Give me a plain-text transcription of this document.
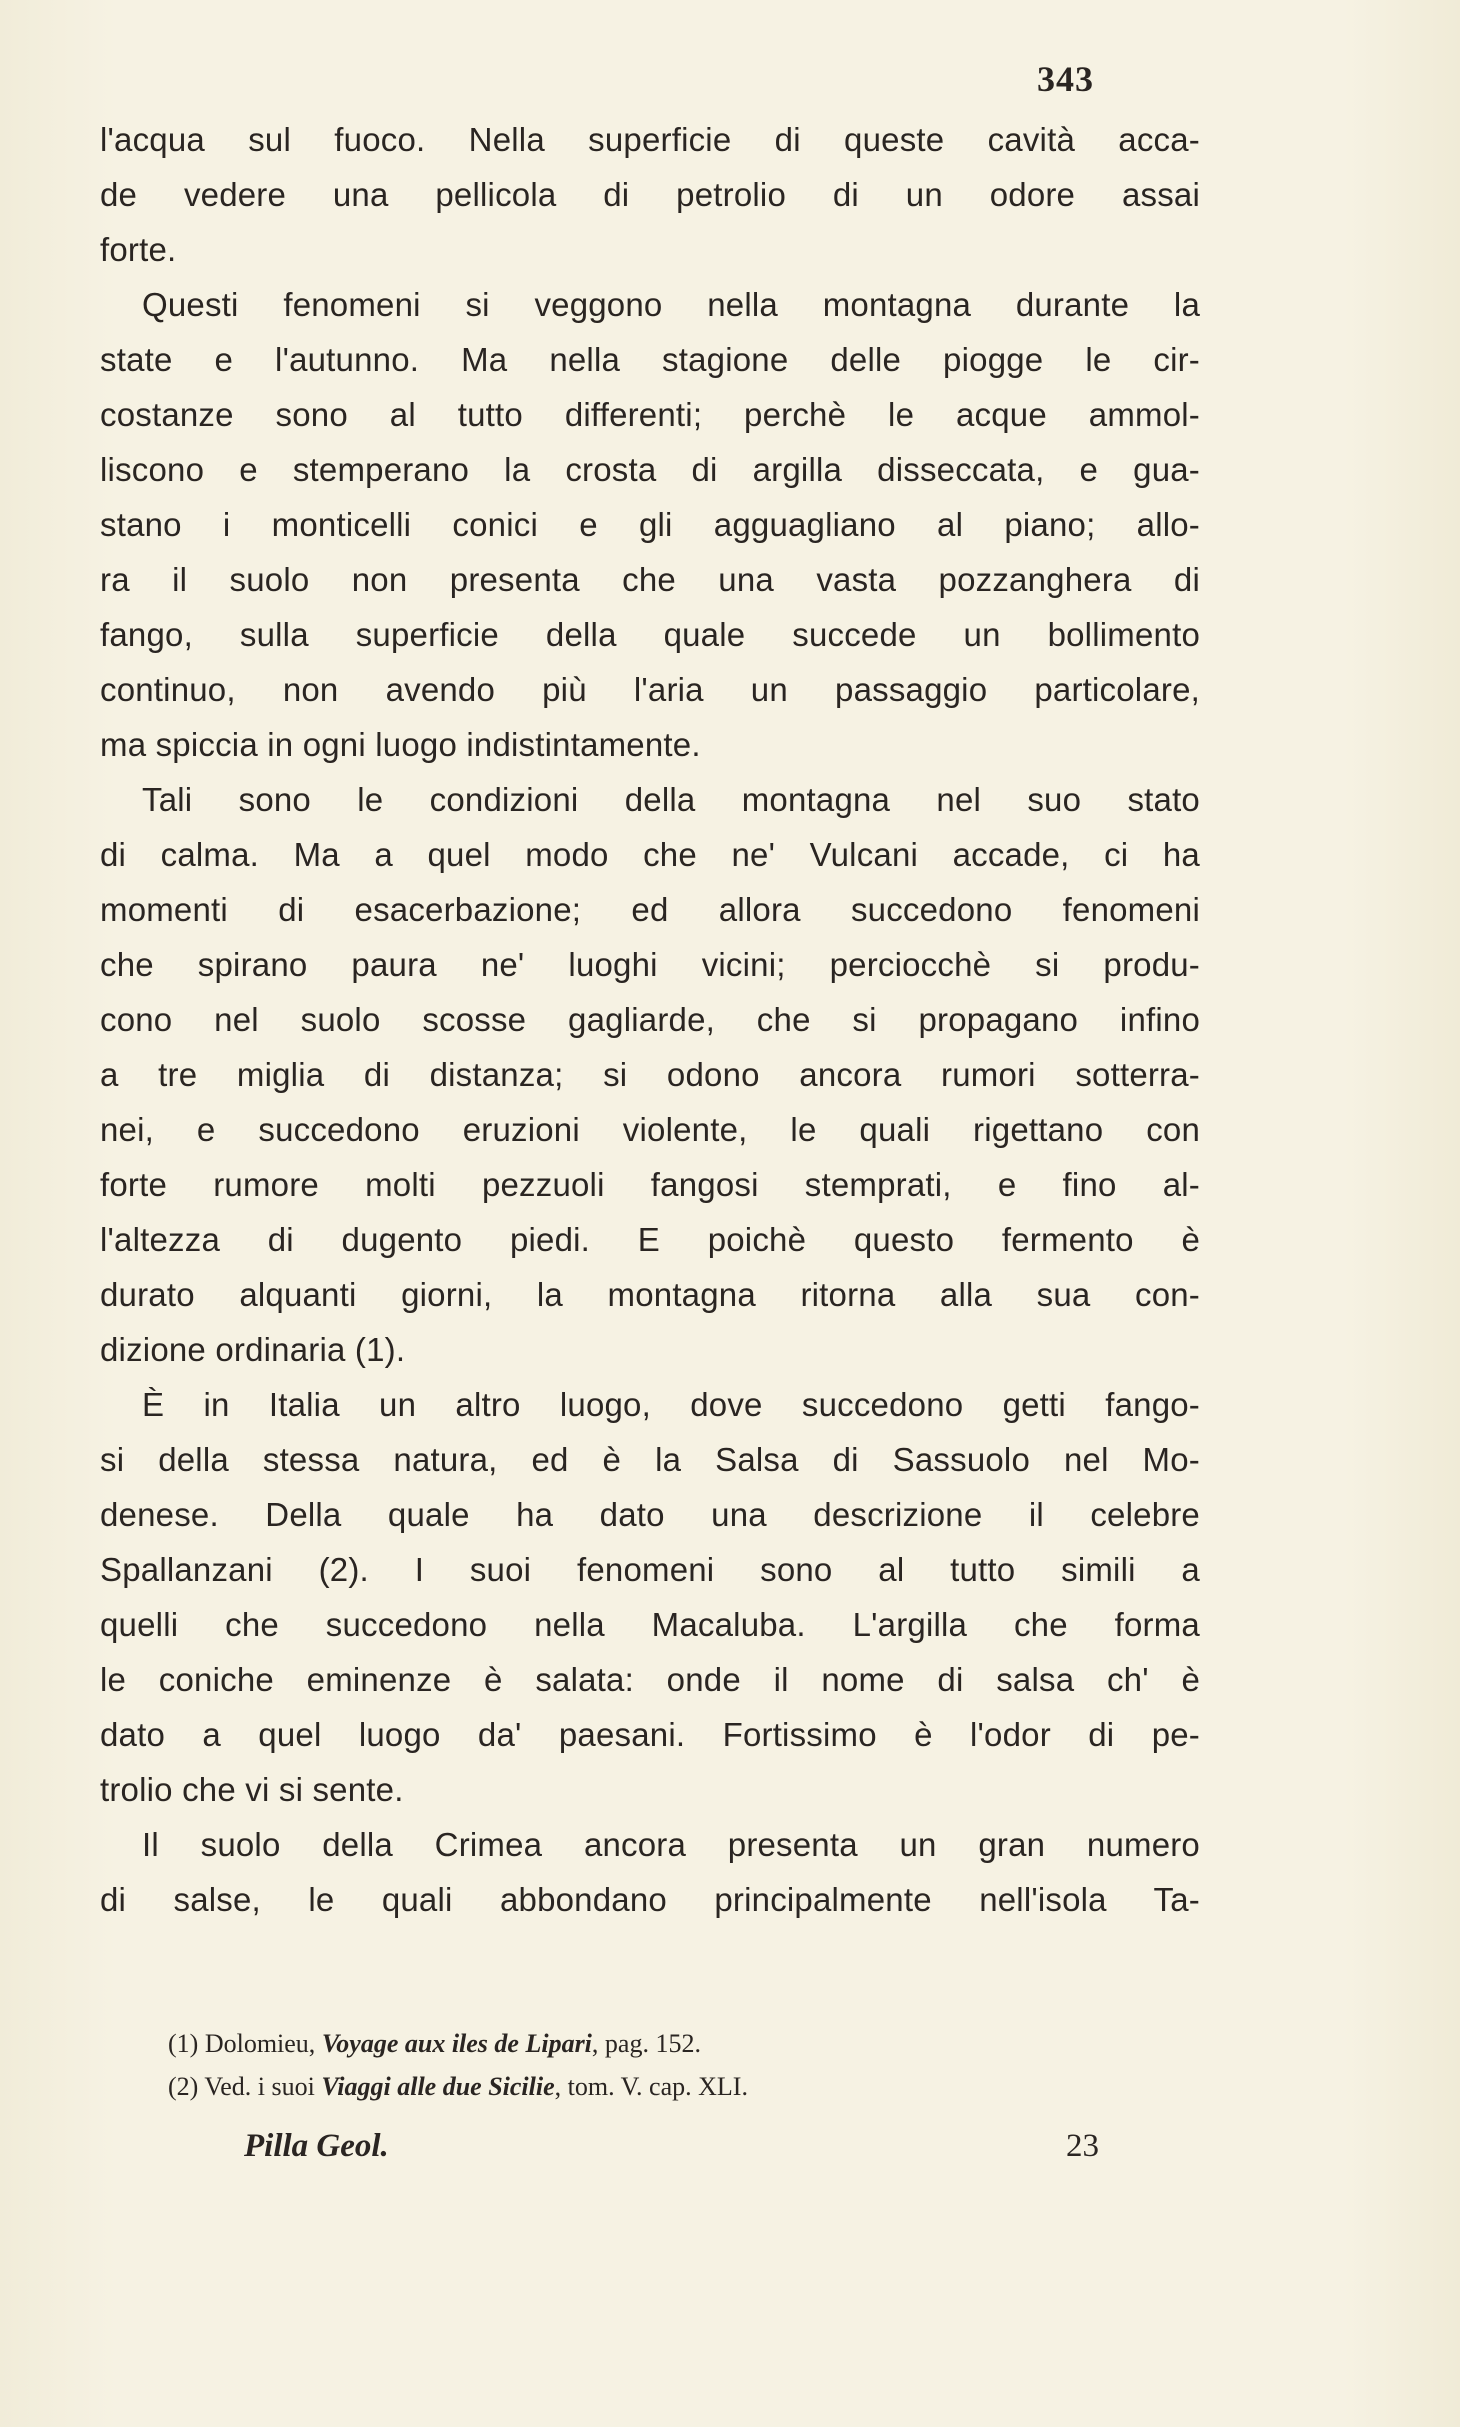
343
l'acqua sul fuoco. Nella superficie di queste cavità acca-
de vedere una pellicola di petrolio di un odore assai
forte.
Questi fenomeni si veggono nella montagna durante la
state e l'autunno. Ma nella stagione delle piogge le cir-
costanze sono al tutto differenti; perchè le acque ammol-
liscono e stemperano la crosta di argilla disseccata, e gua-
stano i monticelli conici e gli agguagliano al piano; allo-
ra il suolo non presenta che una vasta pozzanghera di
fango, sulla superficie della quale succede un bollimento
continuo, non avendo più l'aria un passaggio particolare,
ma spiccia in ogni luogo indistintamente.
Tali sono le condizioni della montagna nel suo stato
di calma. Ma a quel modo che ne' Vulcani accade, ci ha
momenti di esacerbazione; ed allora succedono fenomeni
che spirano paura ne' luoghi vicini; perciocchè si produ-
cono nel suolo scosse gagliarde, che si propagano infino
a tre miglia di distanza; si odono ancora rumori sotterra-
nei, e succedono eruzioni violente, le quali rigettano con
forte rumore molti pezzuoli fangosi stemprati, e fino al-
l'altezza di dugento piedi. E poichè questo fermento è
durato alquanti giorni, la montagna ritorna alla sua con-
dizione ordinaria (1).
È in Italia un altro luogo, dove succedono getti fango-
si della stessa natura, ed è la Salsa di Sassuolo nel Mo-
denese. Della quale ha dato una descrizione il celebre
Spallanzani (2). I suoi fenomeni sono al tutto simili a
quelli che succedono nella Macaluba. L'argilla che forma
le coniche eminenze è salata: onde il nome di salsa ch' è
dato a quel luogo da' paesani. Fortissimo è l'odor di pe-
trolio che vi si sente.
Il suolo della Crimea ancora presenta un gran numero
di salse, le quali abbondano principalmente nell'isola Ta-
(1) Dolomieu, Voyage aux iles de Lipari, pag. 152.
(2) Ved. i suoi Viaggi alle due Sicilie, tom. V. cap. XLI.
Pilla Geol.	23
